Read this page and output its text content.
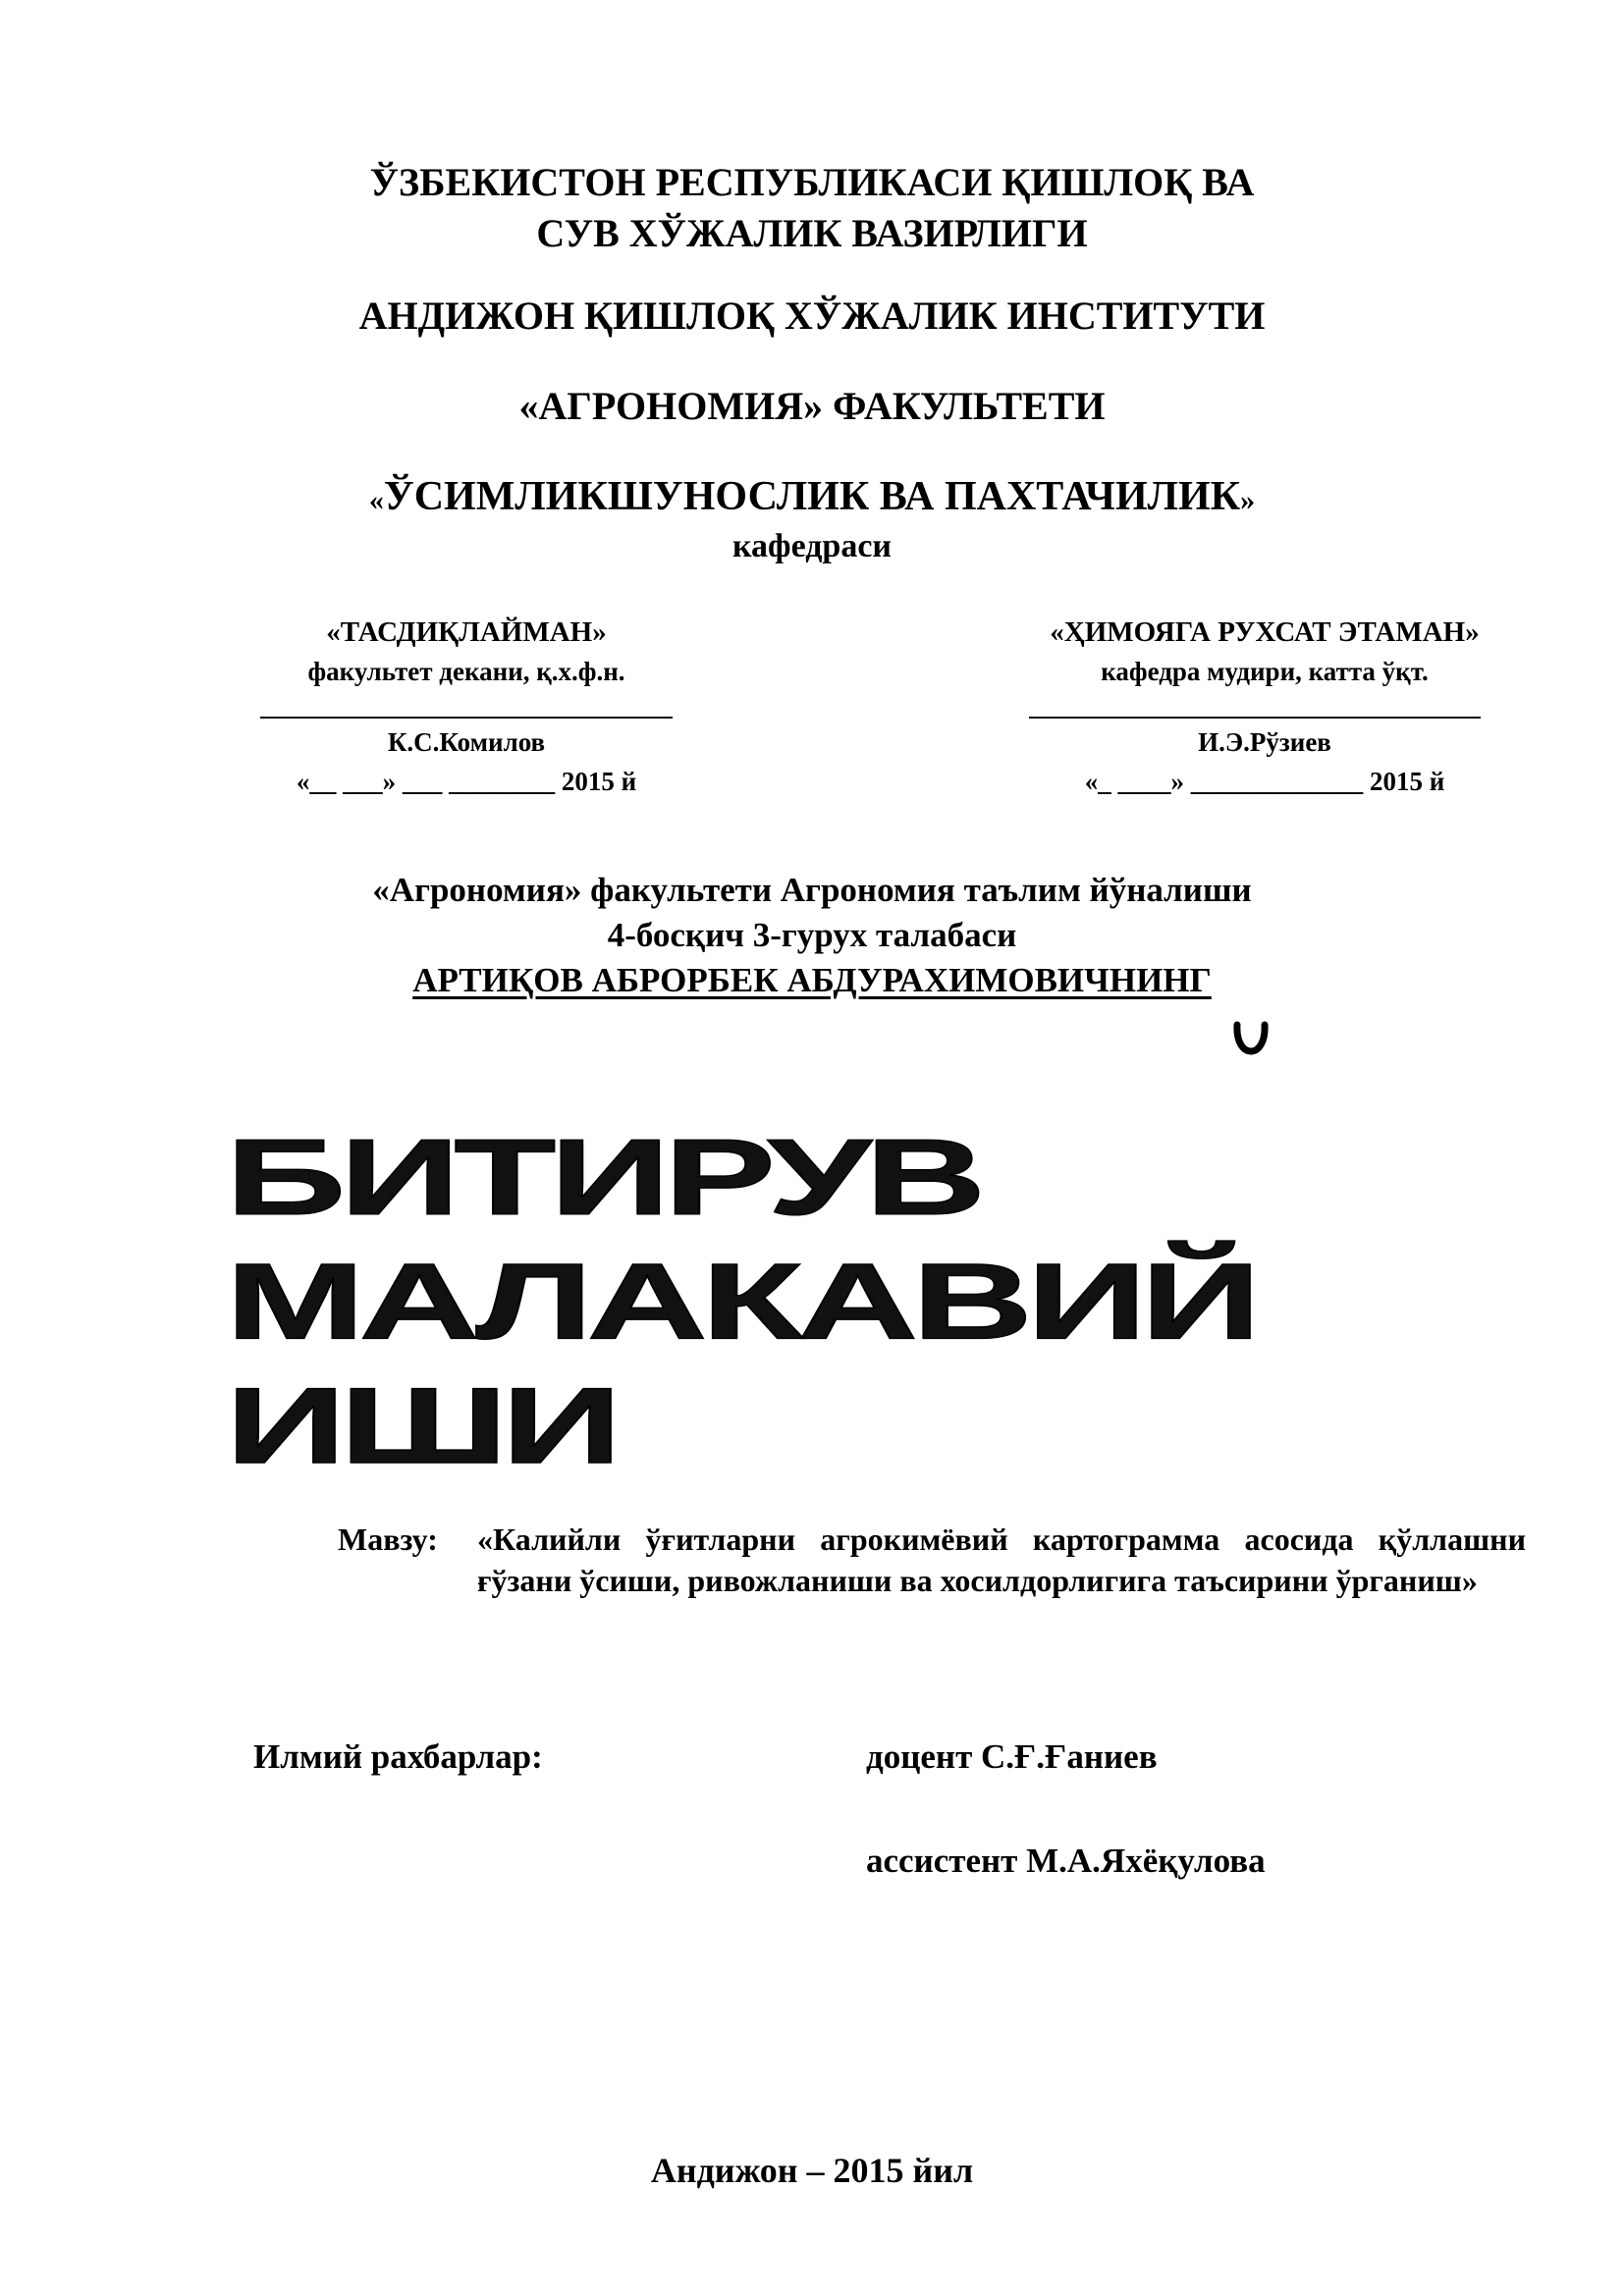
ЎЗБЕКИСТОН РЕСПУБЛИКАСИ ҚИШЛОҚ ВА
СУВ ХЎЖАЛИК ВАЗИРЛИГИ
АНДИЖОН ҚИШЛОҚ ХЎЖАЛИК ИНСТИТУТИ
«АГРОНОМИЯ» ФАКУЛЬТЕТИ
«ЎСИМЛИКШУНОСЛИК ВА ПАХТАЧИЛИК»
кафедраси
«ТАСДИҚЛАЙМАН»
факультет декани, қ.х.ф.н.
К.С.Комилов
«__ ___» ___ ________ 2015 й
«ҲИМОЯГА РУХСАТ ЭТАМАН»
кафедра мудири, катта ўқт.
И.Э.Рўзиев
«_ ____» _____________ 2015 й
«Агрономия» факультети Агрономия таълим йўналиши
4-босқич 3-гурух талабаси
АРТИҚОВ АБРОРБЕК АБДУРАХИМОВИЧНИНГ
БИТИРУВ МАЛАКАВИЙ ИШИ
Мавзу: «Калийли ўғитларни агрокимёвий картограмма асосида қўллашни ғўзани ўсиши, ривожланиши ва хосилдорлигига таъсирини ўрганиш»
Илмий рахбарлар:	доцент С.Ғ.Ғаниев
ассистент М.А.Яхёқулова
Андижон – 2015 йил
